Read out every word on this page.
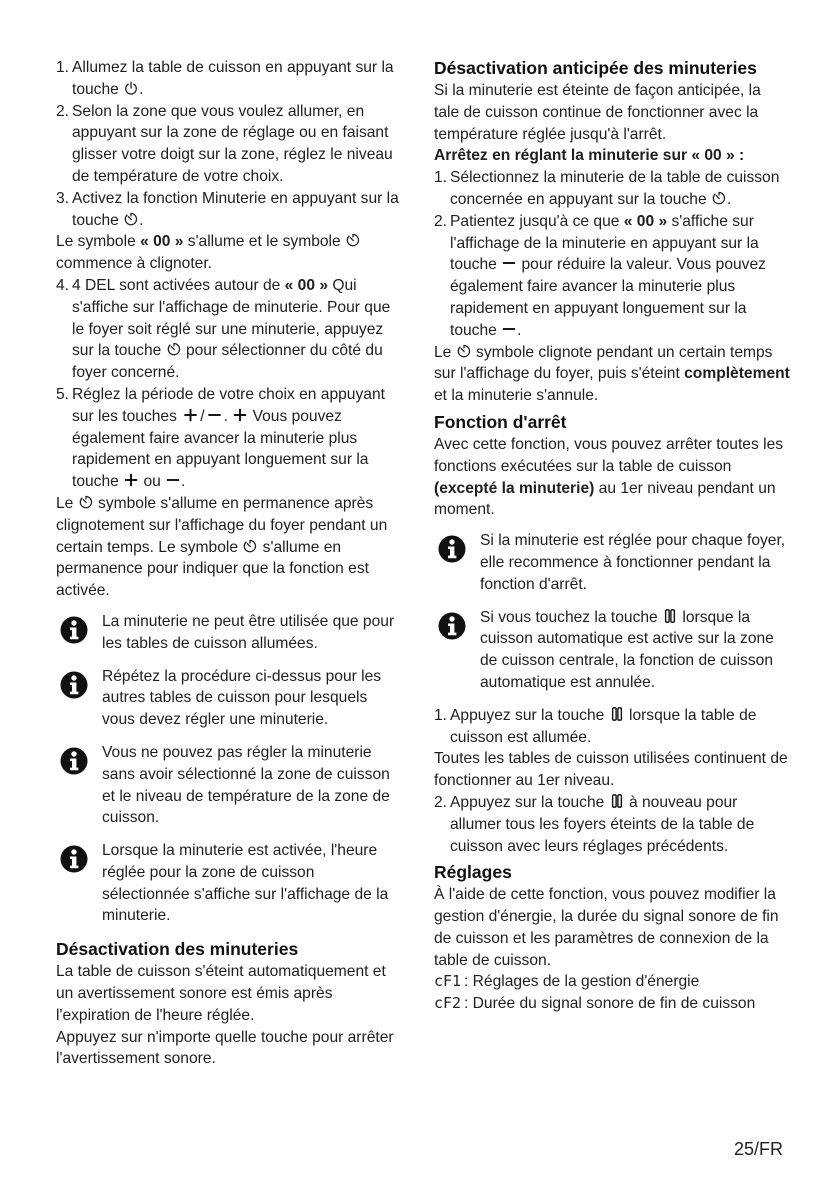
1. Allumez la table de cuisson en appuyant sur la touche .

2. Selon la zone que vous voulez allumer, en appuyant sur la zone de réglage ou en faisant glisser votre doigt sur la zone, réglez le niveau de température de votre choix.

3. Activez la fonction Minuterie en appuyant sur la touche .

Le symbole « 00 » s'allume et le symbole  commence à clignoter.

4. 4 DEL sont activées autour de « 00 » Qui s'affiche sur l'affichage de minuterie. Pour que le foyer soit réglé sur une minuterie, appuyez sur la touche  pour sélectionner du côté du foyer concerné.

5. Réglez la période de votre choix en appuyant sur les touches / .  Vous pouvez également faire avancer la minuterie plus rapidement en appuyant longuement sur la touche  ou .

Le  symbole s'allume en permanence après clignotement sur l'affichage du foyer pendant un certain temps. Le symbole  s'allume en permanence pour indiquer que la fonction est activée.

La minuterie ne peut être utilisée que pour les tables de cuisson allumées.
Répétez la procédure ci-dessus pour les autres tables de cuisson pour lesquels vous devez régler une minuterie.
Vous ne pouvez pas régler la minuterie sans avoir sélectionné la zone de cuisson et le niveau de température de la zone de cuisson.
Lorsque la minuterie est activée, l'heure réglée pour la zone de cuisson sélectionnée s'affiche sur l'affichage de la minuterie.

Désactivation des minuteries

La table de cuisson s'éteint automatiquement et un avertissement sonore est émis après l'expiration de l'heure réglée.

Appuyez sur n'importe quelle touche pour arrêter l'avertissement sonore.

Désactivation anticipée des minuteries

Si la minuterie est éteinte de façon anticipée, la tale de cuisson continue de fonctionner avec la température réglée jusqu'à l'arrêt.

Arrêtez en réglant la minuterie sur « 00 » :

1. Sélectionnez la minuterie de la table de cuisson concernée en appuyant sur la touche .

2. Patientez jusqu'à ce que « 00 » s'affiche sur l'affichage de la minuterie en appuyant sur la touche  pour réduire la valeur. Vous pouvez également faire avancer la minuterie plus rapidement en appuyant longuement sur la touche .

Le  symbole clignote pendant un certain temps sur l'affichage du foyer, puis s'éteint complètement et la minuterie s'annule.

Fonction d'arrêt

Avec cette fonction, vous pouvez arrêter toutes les fonctions exécutées sur la table de cuisson (excepté la minuterie) au 1er niveau pendant un moment.

Si la minuterie est réglée pour chaque foyer, elle recommence à fonctionner pendant la fonction d'arrêt.
Si vous touchez la touche  lorsque la cuisson automatique est active sur la zone de cuisson centrale, la fonction de cuisson automatique est annulée.

1. Appuyez sur la touche  lorsque la table de cuisson est allumée.

Toutes les tables de cuisson utilisées continuent de fonctionner au 1er niveau.

2. Appuyez sur la touche  à nouveau pour allumer tous les foyers éteints de la table de cuisson avec leurs réglages précédents.

Réglages

À l'aide de cette fonction, vous pouvez modifier la gestion d'énergie, la durée du signal sonore de fin de cuisson et les paramètres de connexion de la table de cuisson.

cF1 : Réglages de la gestion d'énergie

cF2 : Durée du signal sonore de fin de cuisson

25/FR
